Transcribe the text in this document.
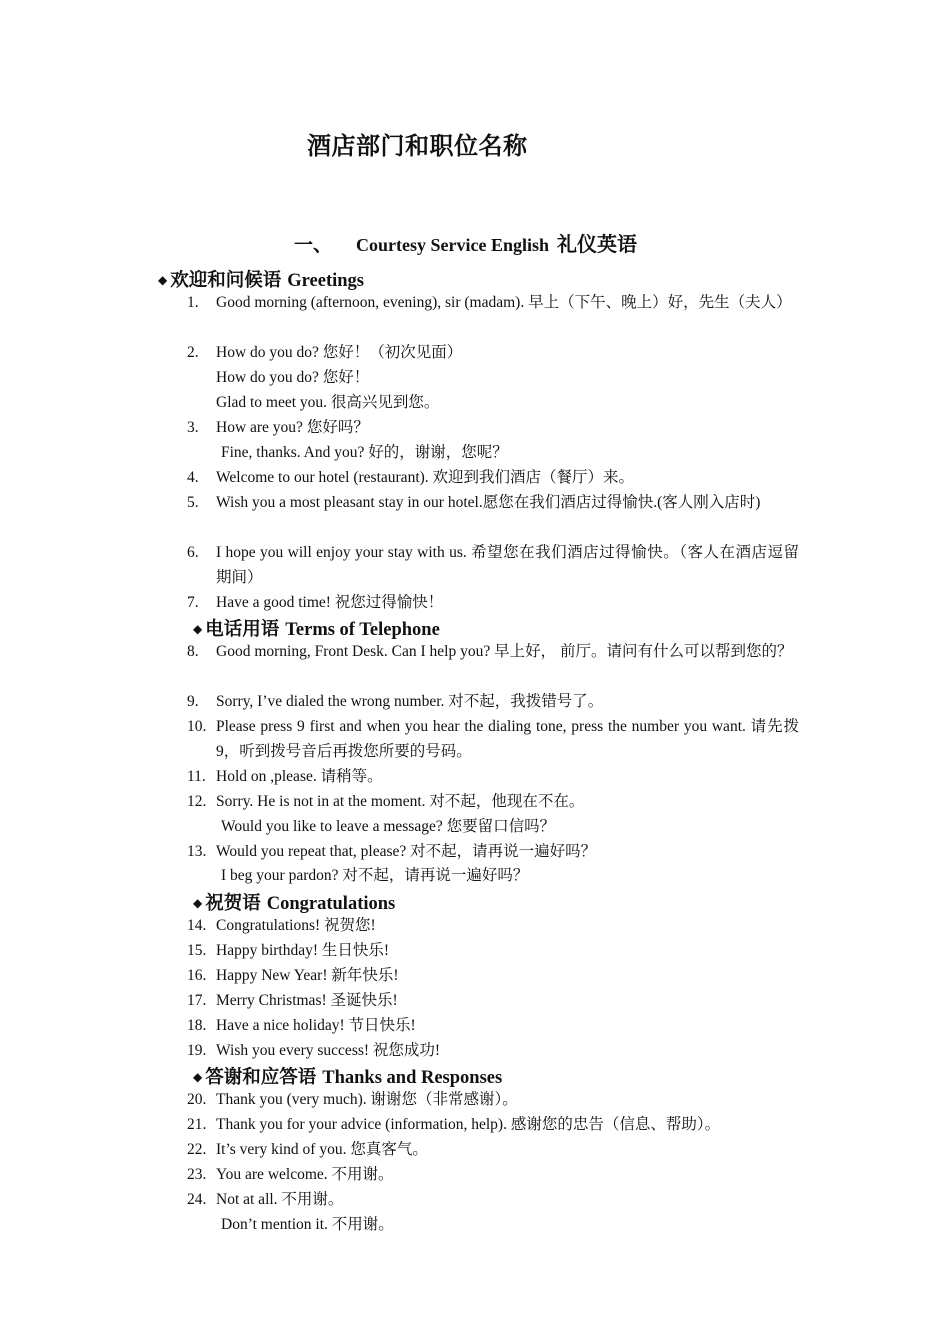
酒店部门和职位名称
一、 Courtesy Service English 礼仪英语
◆ 欢迎和问候语 Greetings
1. Good morning (afternoon, evening), sir (madam). 早上（下午、晚上）好，先生（夫人）
2. How do you do? 您好！（初次见面）
How do you do? 您好！
Glad to meet you. 很高兴见到您。
3. How are you? 您好吗？
Fine, thanks. And you? 好的，谢谢，您呢？
4. Welcome to our hotel (restaurant). 欢迎到我们酒店（餐厅）来。
5. Wish you a most pleasant stay in our hotel.愿您在我们酒店过得愉快.(客人刚入店时)
6. I hope you will enjoy your stay with us. 希望您在我们酒店过得愉快。（客人在酒店逗留期间）
7. Have a good time! 祝您过得愉快！
◆ 电话用语 Terms of Telephone
8. Good morning, Front Desk. Can I help you? 早上好， 前厅。请问有什么可以帮到您的？
9. Sorry, I’ve dialed the wrong number. 对不起，我拨错号了。
10. Please press 9 first and when you hear the dialing tone, press the number you want. 请先拨 9，听到拨号音后再拨您所要的号码。
11. Hold on ,please. 请稍等。
12. Sorry. He is not in at the moment. 对不起，他现在不在。
Would you like to leave a message? 您要留口信吗？
13. Would you repeat that, please? 对不起，请再说一遍好吗？
I beg your pardon? 对不起，请再说一遍好吗？
◆ 祝贺语 Congratulations
14. Congratulations! 祝贺您!
15. Happy birthday! 生日快乐!
16. Happy New Year! 新年快乐!
17. Merry Christmas! 圣诞快乐!
18. Have a nice holiday! 节日快乐!
19. Wish you every success! 祝您成功!
◆ 答谢和应答语 Thanks and Responses
20. Thank you (very much). 谢谢您（非常感谢）。
21. Thank you for your advice (information, help). 感谢您的忠告（信息、帮助）。
22. It’s very kind of you. 您真客气。
23. You are welcome. 不用谢。
24. Not at all. 不用谢。
Don’t mention it. 不用谢。
